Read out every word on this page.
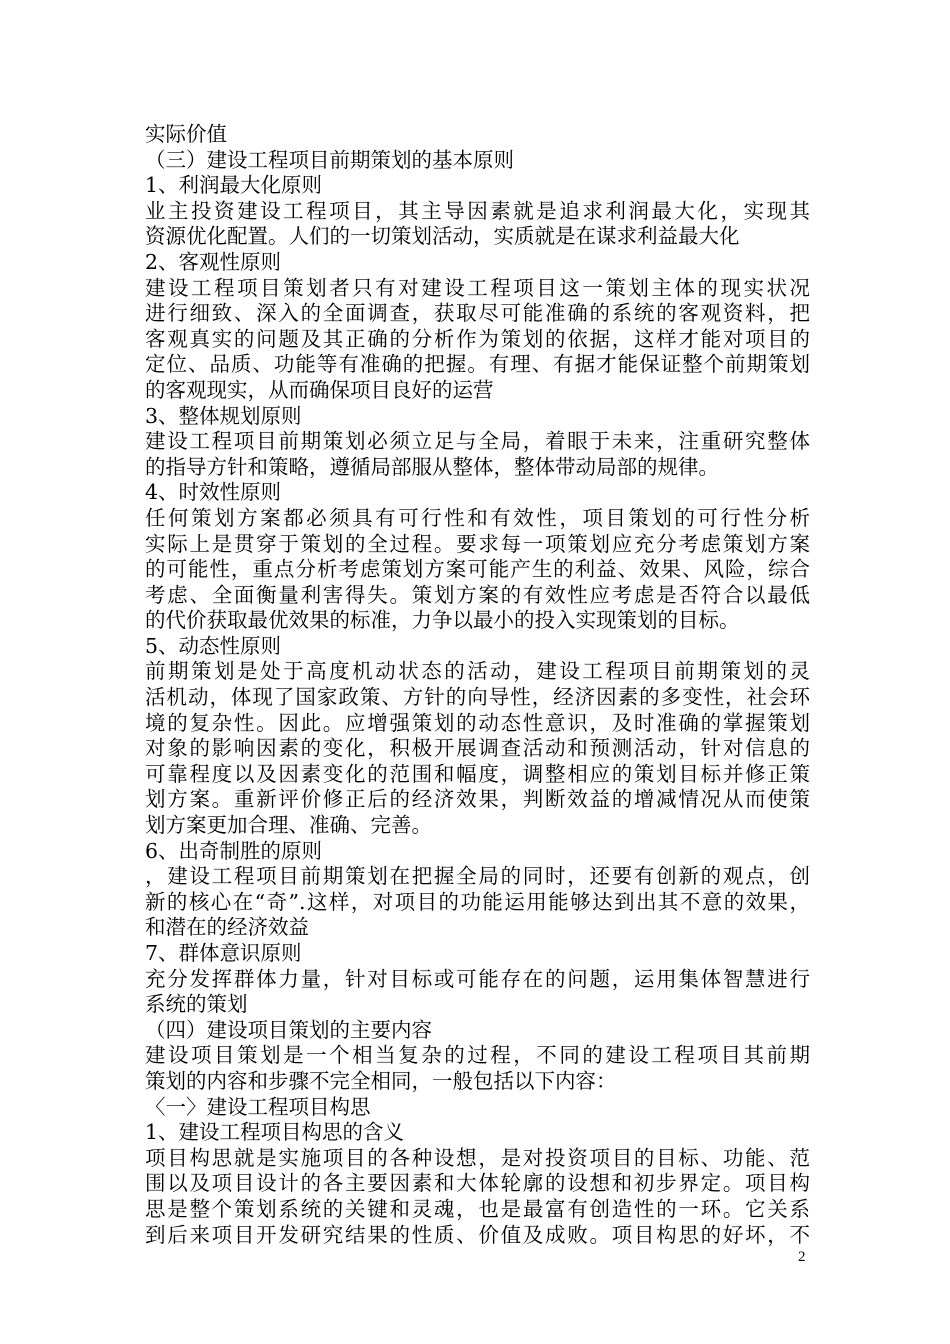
实际价值
（三）建设工程项目前期策划的基本原则
1、利润最大化原则
业主投资建设工程项目，其主导因素就是追求利润最大化，实现其
资源优化配置。人们的一切策划活动，实质就是在谋求利益最大化
2、客观性原则
建设工程项目策划者只有对建设工程项目这一策划主体的现实状况
进行细致、深入的全面调查，获取尽可能准确的系统的客观资料，把
客观真实的问题及其正确的分析作为策划的依据，这样才能对项目的
定位、品质、功能等有准确的把握。有理、有据才能保证整个前期策划
的客观现实，从而确保项目良好的运营
3、整体规划原则
建设工程项目前期策划必须立足与全局，着眼于未来，注重研究整体
的指导方针和策略，遵循局部服从整体，整体带动局部的规律。
4、时效性原则
任何策划方案都必须具有可行性和有效性，项目策划的可行性分析
实际上是贯穿于策划的全过程。要求每一项策划应充分考虑策划方案
的可能性，重点分析考虑策划方案可能产生的利益、效果、风险，综合
考虑、全面衡量利害得失。策划方案的有效性应考虑是否符合以最低
的代价获取最优效果的标准，力争以最小的投入实现策划的目标。
5、动态性原则
前期策划是处于高度机动状态的活动，建设工程项目前期策划的灵
活机动，体现了国家政策、方针的向导性，经济因素的多变性，社会环
境的复杂性。因此。应增强策划的动态性意识，及时准确的掌握策划
对象的影响因素的变化，积极开展调查活动和预测活动，针对信息的
可靠程度以及因素变化的范围和幅度，调整相应的策划目标并修正策
划方案。重新评价修正后的经济效果，判断效益的增减情况从而使策
划方案更加合理、准确、完善。
6、出奇制胜的原则
，建设工程项目前期策划在把握全局的同时，还要有创新的观点，创
新的核心在“奇”.这样，对项目的功能运用能够达到出其不意的效果，
和潜在的经济效益
7、群体意识原则
充分发挥群体力量，针对目标或可能存在的问题，运用集体智慧进行
系统的策划
（四）建设项目策划的主要内容
建设项目策划是一个相当复杂的过程，不同的建设工程项目其前期
策划的内容和步骤不完全相同，一般包括以下内容：
〈一〉建设工程项目构思
1、建设工程项目构思的含义
项目构思就是实施项目的各种设想，是对投资项目的目标、功能、范
围以及项目设计的各主要因素和大体轮廓的设想和初步界定。项目构
思是整个策划系统的关键和灵魂，也是最富有创造性的一环。它关系
到后来项目开发研究结果的性质、价值及成败。项目构思的好坏，不
2
